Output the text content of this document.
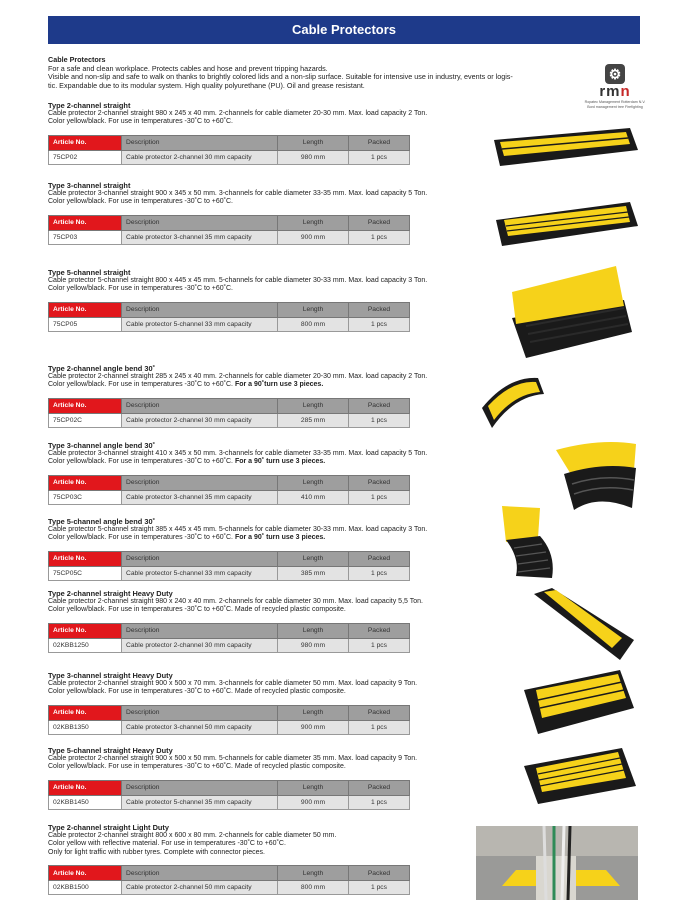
Cable Protectors
Cable Protectors
For a safe and clean workplace. Protects cables and hose and prevent tripping hazards.
Visible and non-slip and safe to walk on thanks to brightly colored lids and a non-slip surface. Suitable for intensive use in industry, events or logis-
tic. Expandable due to its modular system. High quality polyurethane (PU). Oil and grease resistant.
⚙
rmn
Ropatec Management Rotterdam N.V.
Bord management tree Firefighting
Type 2-channel straight
Cable protector 2-channel straight 980 x 245 x 40 mm. 2-channels for cable diameter 20-30 mm. Max. load capacity 2 Ton.
Color yellow/black. For use in temperatures -30˚C to +60˚C.
Article No.	Description	Length	Packed
75CP02	Cable protector 2-channel 30 mm capacity	980 mm	1 pcs
Type 3-channel straight
Cable protector 3-channel straight 900 x 345 x 50 mm. 3-channels for cable diameter 33-35 mm. Max. load capacity 5 Ton.
Color yellow/black. For use in temperatures -30˚C to +60˚C.
Article No.	Description	Length	Packed
75CP03	Cable protector 3-channel 35 mm capacity	900 mm	1 pcs
Type 5-channel straight
Cable protector 5-channel straight 800 x 445 x 45 mm. 5-channels for cable diameter 30-33 mm. Max. load capacity 3 Ton.
Color yellow/black. For use in temperatures -30˚C to +60˚C.
Article No.	Description	Length	Packed
75CP05	Cable protector 5-channel 33 mm capacity	800 mm	1 pcs
Type 2-channel angle bend 30˚
Cable protector 2-channel straight 285 x 245 x 40 mm. 2-channels for cable diameter 20-30 mm. Max. load capacity 2 Ton.
Color yellow/black. For use in temperatures -30˚C to +60˚C. For a 90˚turn use 3 pieces.
Article No.	Description	Length	Packed
75CP02C	Cable protector 2-channel 30 mm capacity	285 mm	1 pcs
Type 3-channel angle bend 30˚
Cable protector 3-channel straight 410 x 345 x 50 mm. 3-channels for cable diameter 33-35 mm. Max. load capacity 5 Ton.
Color yellow/black. For use in temperatures -30˚C to +60˚C. For a 90˚ turn use 3 pieces.
Article No.	Description	Length	Packed
75CP03C	Cable protector 3-channel 35 mm capacity	410 mm	1 pcs
Type 5-channel angle bend 30˚
Cable protector 5-channel straight 385 x 445 x 45 mm. 5-channels for cable diameter 30-33 mm. Max. load capacity 3 Ton.
Color yellow/black. For use in temperatures -30˚C to +60˚C. For a 90˚ turn use 3 pieces.
Article No.	Description	Length	Packed
75CP05C	Cable protector 5-channel 33 mm capacity	385 mm	1 pcs
Type 2-channel straight Heavy Duty
Cable protector 2-channel straight 980 x 240 x 40 mm. 2-channels for cable diameter 30 mm. Max. load capacity 5,5 Ton.
Color yellow/black. For use in temperatures -30˚C to +60˚C. Made of recycled plastic composite.
Article No.	Description	Length	Packed
02KBB1250	Cable protector 2-channel 30 mm capacity	980 mm	1 pcs
Type 3-channel straight Heavy Duty
Cable protector 2-channel straight 900 x 500 x 70 mm. 3-channels for cable diameter 50 mm. Max. load capacity 9 Ton.
Color yellow/black. For use in temperatures -30˚C to +60˚C. Made of recycled plastic composite.
Article No.	Description	Length	Packed
02KBB1350	Cable protector 3-channel 50 mm capacity	900 mm	1 pcs
Type 5-channel straight Heavy Duty
Cable protector 2-channel straight 900 x 500 x 50 mm. 5-channels for cable diameter 35 mm. Max. load capacity 9 Ton.
Color yellow/black. For use in temperatures -30˚C to +60˚C. Made of recycled plastic composite.
Article No.	Description	Length	Packed
02KBB1450	Cable protector 5-channel 35 mm capacity	900 mm	1 pcs
Type 2-channel straight Light Duty
Cable protector 2-channel straight 800 x 600 x 80 mm. 2-channels for cable diameter 50 mm.
Color yellow with reflective material. For use in temperatures -30˚C to +60˚C.
Only for light traffic with rubber tyres. Complete with connector pieces.
Article No.	Description	Length	Packed
02KBB1500	Cable protector 2-channel 50 mm capacity	800 mm	1 pcs
